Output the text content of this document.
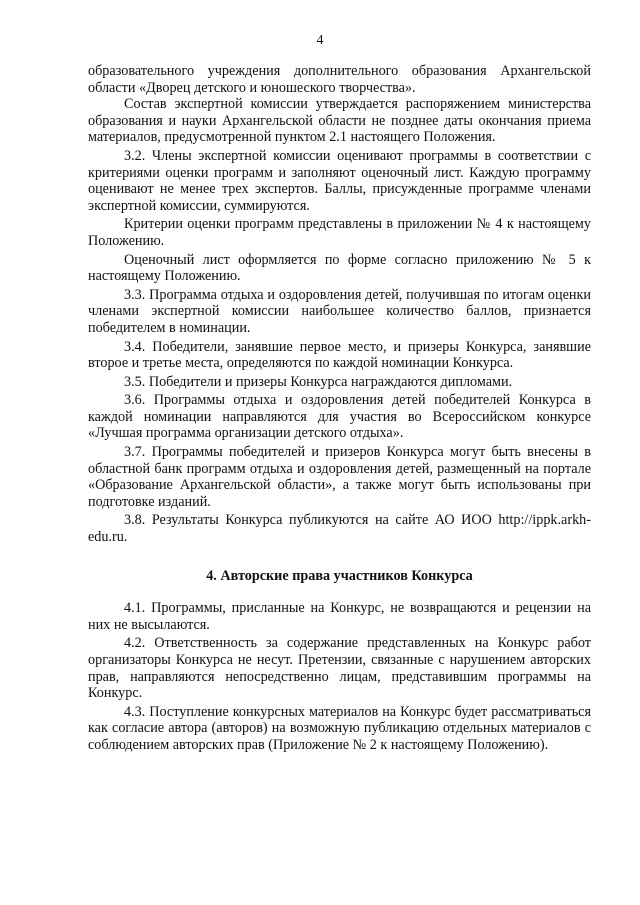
4

образовательного учреждения дополнительного образования Архангельской области «Дворец детского и юношеского творчества».

Состав экспертной комиссии утверждается распоряжением министерства образования и науки Архангельской области не позднее даты окончания приема материалов, предусмотренной пунктом 2.1 настоящего Положения.

3.2. Члены экспертной комиссии оценивают программы в соответствии с критериями оценки программ и заполняют оценочный лист. Каждую программу оценивают не менее трех экспертов. Баллы, присужденные программе членами экспертной комиссии, суммируются.

Критерии оценки программ представлены в приложении № 4 к настоящему Положению.

Оценочный лист оформляется по форме согласно приложению № 5 к настоящему Положению.

3.3. Программа отдыха и оздоровления детей, получившая по итогам оценки членами экспертной комиссии наибольшее количество баллов, признается победителем в номинации.

3.4. Победители, занявшие первое место, и призеры Конкурса, занявшие второе и третье места, определяются по каждой номинации Конкурса.

3.5. Победители и призеры Конкурса награждаются дипломами.

3.6. Программы отдыха и оздоровления детей победителей Конкурса в каждой номинации направляются для участия во Всероссийском конкурсе «Лучшая программа организации детского отдыха».

3.7. Программы победителей и призеров Конкурса могут быть внесены в областной банк программ отдыха и оздоровления детей, размещенный на портале «Образование Архангельской области», а также могут быть использованы при подготовке изданий.

3.8. Результаты Конкурса публикуются на сайте АО ИОО http://ippk.arkh-edu.ru.

4. Авторские права участников Конкурса

4.1. Программы, присланные на Конкурс, не возвращаются и рецензии на них не высылаются.

4.2. Ответственность за содержание представленных на Конкурс работ организаторы Конкурса не несут. Претензии, связанные с нарушением авторских прав, направляются непосредственно лицам, представившим программы на Конкурс.

4.3. Поступление конкурсных материалов на Конкурс будет рассматриваться как согласие автора (авторов) на возможную публикацию отдельных материалов с соблюдением авторских прав (Приложение № 2 к настоящему Положению).
